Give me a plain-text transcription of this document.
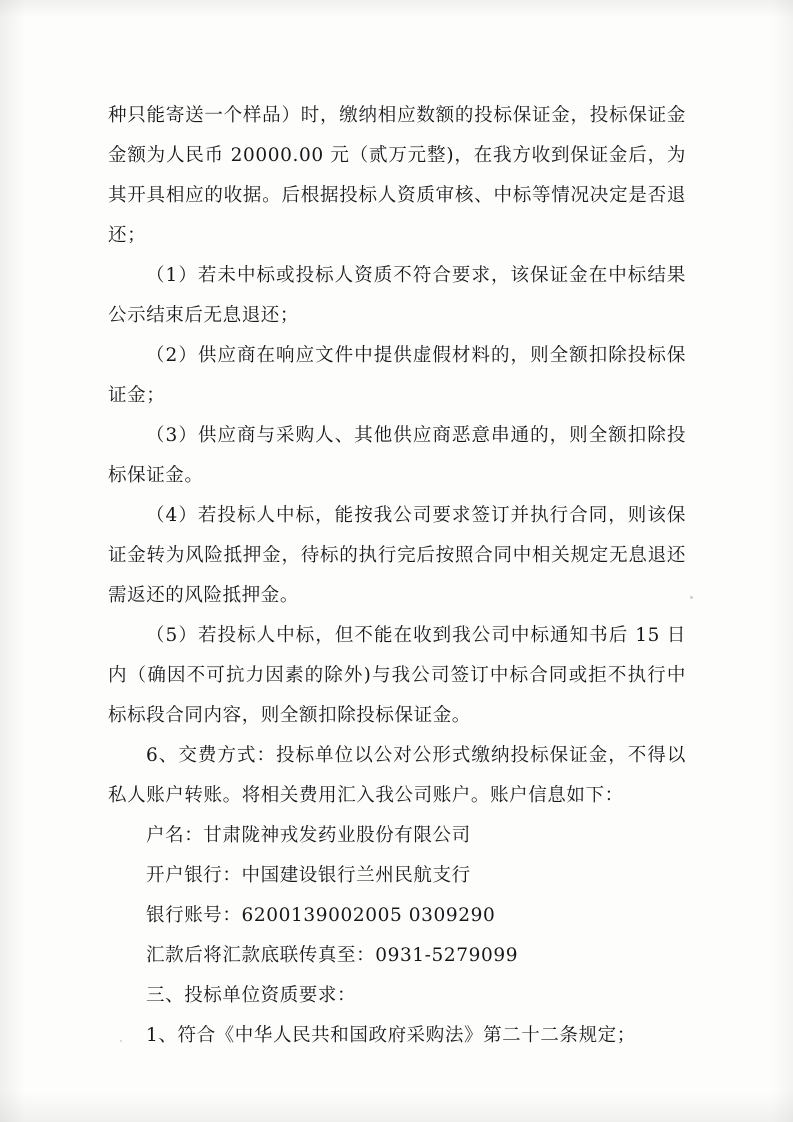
种只能寄送一个样品）时，缴纳相应数额的投标保证金，投标保证金金额为人民币 20000.00 元（贰万元整)，在我方收到保证金后，为其开具相应的收据。后根据投标人资质审核、中标等情况决定是否退还；

（1）若未中标或投标人资质不符合要求，该保证金在中标结果公示结束后无息退还；

（2）供应商在响应文件中提供虚假材料的，则全额扣除投标保证金；

（3）供应商与采购人、其他供应商恶意串通的，则全额扣除投标保证金。

（4）若投标人中标，能按我公司要求签订并执行合同，则该保证金转为风险抵押金，待标的执行完后按照合同中相关规定无息退还需返还的风险抵押金。

（5）若投标人中标，但不能在收到我公司中标通知书后 15 日内（确因不可抗力因素的除外)与我公司签订中标合同或拒不执行中标标段合同内容，则全额扣除投标保证金。

6、交费方式：投标单位以公对公形式缴纳投标保证金，不得以私人账户转账。将相关费用汇入我公司账户。账户信息如下：

户名：甘肃陇神戎发药业股份有限公司

开户银行：中国建设银行兰州民航支行

银行账号：6200139002005 0309290

汇款后将汇款底联传真至：0931-5279099

三、投标单位资质要求：

1、符合《中华人民共和国政府采购法》第二十二条规定；
